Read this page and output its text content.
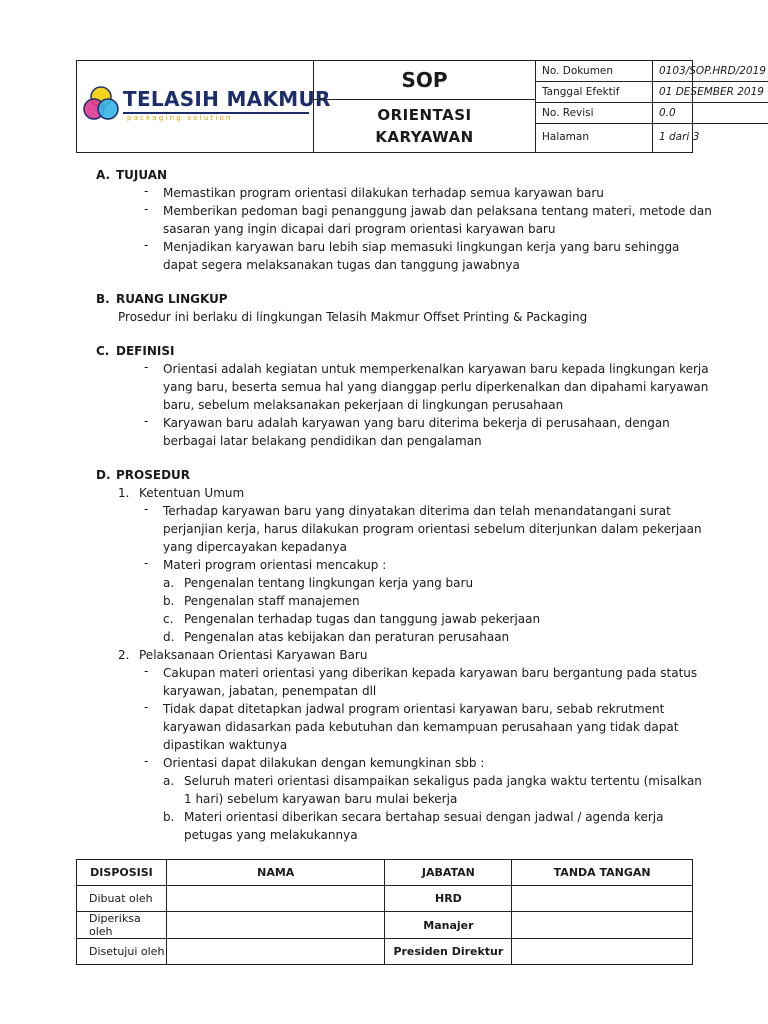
TELASIH MAKMUR
packaging solution
SOP
ORIENTASI
KARYAWAN
No. Dokumen	0103/SOP.HRD/2019
Tanggal Efektif	01 DESEMBER 2019
No. Revisi	0.0
Halaman	1 dari 3
A. TUJUAN
- Memastikan program orientasi dilakukan terhadap semua karyawan baru
- Memberikan pedoman bagi penanggung jawab dan pelaksana tentang materi, metode dan
sasaran yang ingin dicapai dari program orientasi karyawan baru
- Menjadikan karyawan baru lebih siap memasuki lingkungan kerja yang baru sehingga
dapat segera melaksanakan tugas dan tanggung jawabnya
B. RUANG LINGKUP
Prosedur ini berlaku di lingkungan Telasih Makmur Offset Printing & Packaging
C. DEFINISI
- Orientasi adalah kegiatan untuk memperkenalkan karyawan baru kepada lingkungan kerja
yang baru, beserta semua hal yang dianggap perlu diperkenalkan dan dipahami karyawan
baru, sebelum melaksanakan pekerjaan di lingkungan perusahaan
- Karyawan baru adalah karyawan yang baru diterima bekerja di perusahaan, dengan
berbagai latar belakang pendidikan dan pengalaman
D. PROSEDUR
1. Ketentuan Umum
- Terhadap karyawan baru yang dinyatakan diterima dan telah menandatangani surat
perjanjian kerja, harus dilakukan program orientasi sebelum diterjunkan dalam pekerjaan
yang dipercayakan kepadanya
- Materi program orientasi mencakup :
a. Pengenalan tentang lingkungan kerja yang baru
b. Pengenalan staff manajemen
c. Pengenalan terhadap tugas dan tanggung jawab pekerjaan
d. Pengenalan atas kebijakan dan peraturan perusahaan
2. Pelaksanaan Orientasi Karyawan Baru
- Cakupan materi orientasi yang diberikan kepada karyawan baru bergantung pada status
karyawan, jabatan, penempatan dll
- Tidak dapat ditetapkan jadwal program orientasi karyawan baru, sebab rekrutment
karyawan didasarkan pada kebutuhan dan kemampuan perusahaan yang tidak dapat
dipastikan waktunya
- Orientasi dapat dilakukan dengan kemungkinan sbb :
a. Seluruh materi orientasi disampaikan sekaligus pada jangka waktu tertentu (misalkan
1 hari) sebelum karyawan baru mulai bekerja
b. Materi orientasi diberikan secara bertahap sesuai dengan jadwal / agenda kerja
petugas yang melakukannya
DISPOSISI	NAMA	JABATAN	TANDA TANGAN
Dibuat oleh		HRD	
Diperiksa oleh		Manajer	
Disetujui oleh		Presiden Direktur	
